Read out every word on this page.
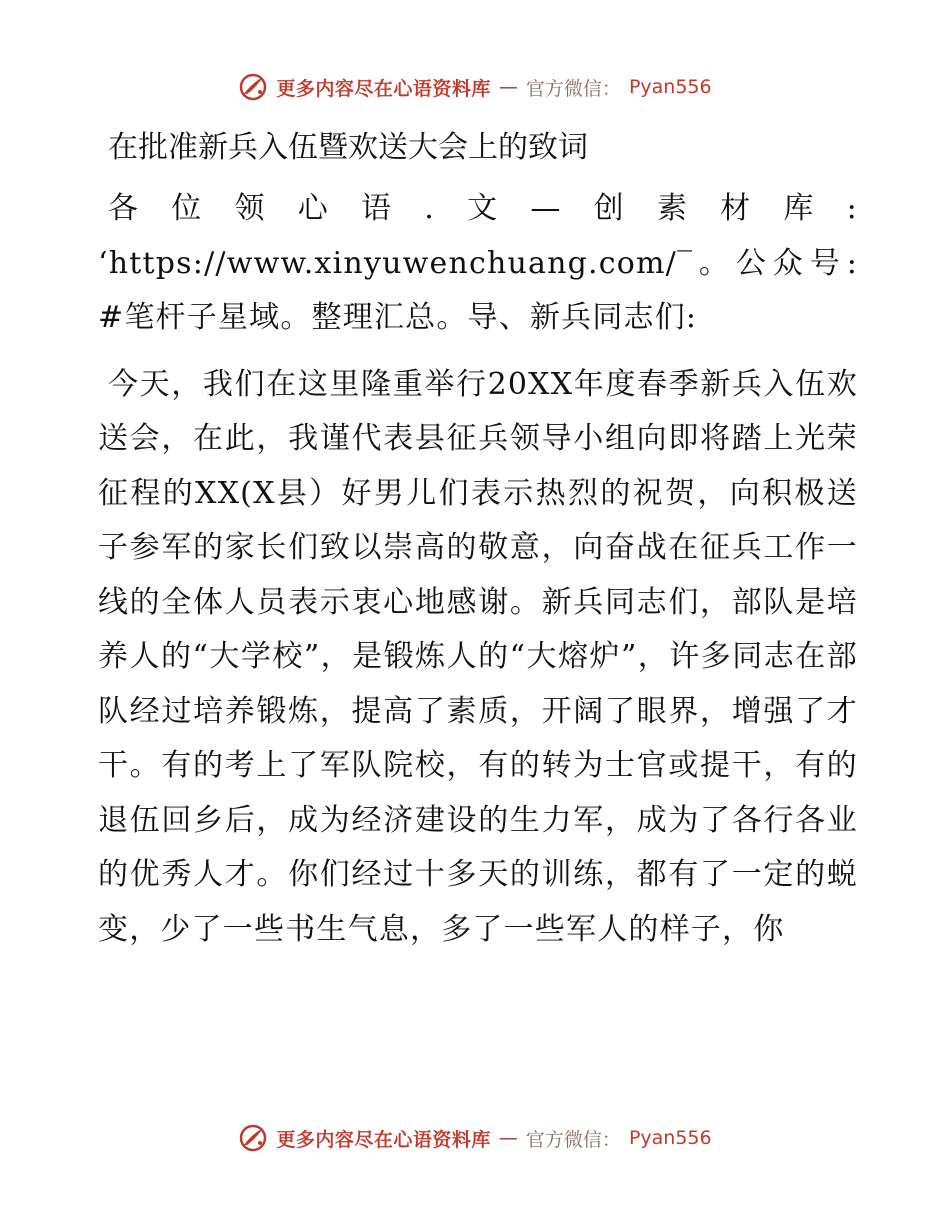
更多内容尽在心语资料库 — 官方微信： Pyan556
在批准新兵入伍暨欢送大会上的致词

各位领心语.文—创素材库: ‘https://www.xinyuwenchuang.com/‾。公众号: #笔杆子星域。整理汇总。导、新兵同志们:

今天，我们在这里隆重举行20XX年度春季新兵入伍欢送会，在此，我谨代表县征兵领导小组向即将踏上光荣征程的XX(X县）好男儿们表示热烈的祝贺，向积极送子参军的家长们致以崇高的敬意，向奋战在征兵工作一线的全体人员表示衷心地感谢。新兵同志们，部队是培养人的“大学校”，是锻炼人的“大熔炉”，许多同志在部队经过培养锻炼，提高了素质，开阔了眼界，增强了才干。有的考上了军队院校，有的转为士官或提干，有的退伍回乡后，成为经济建设的生力军，成为了各行各业的优秀人才。你们经过十多天的训练，都有了一定的蜕变，少了一些书生气息，多了一些军人的样子，你

更多内容尽在心语资料库 — 官方微信： Pyan556
